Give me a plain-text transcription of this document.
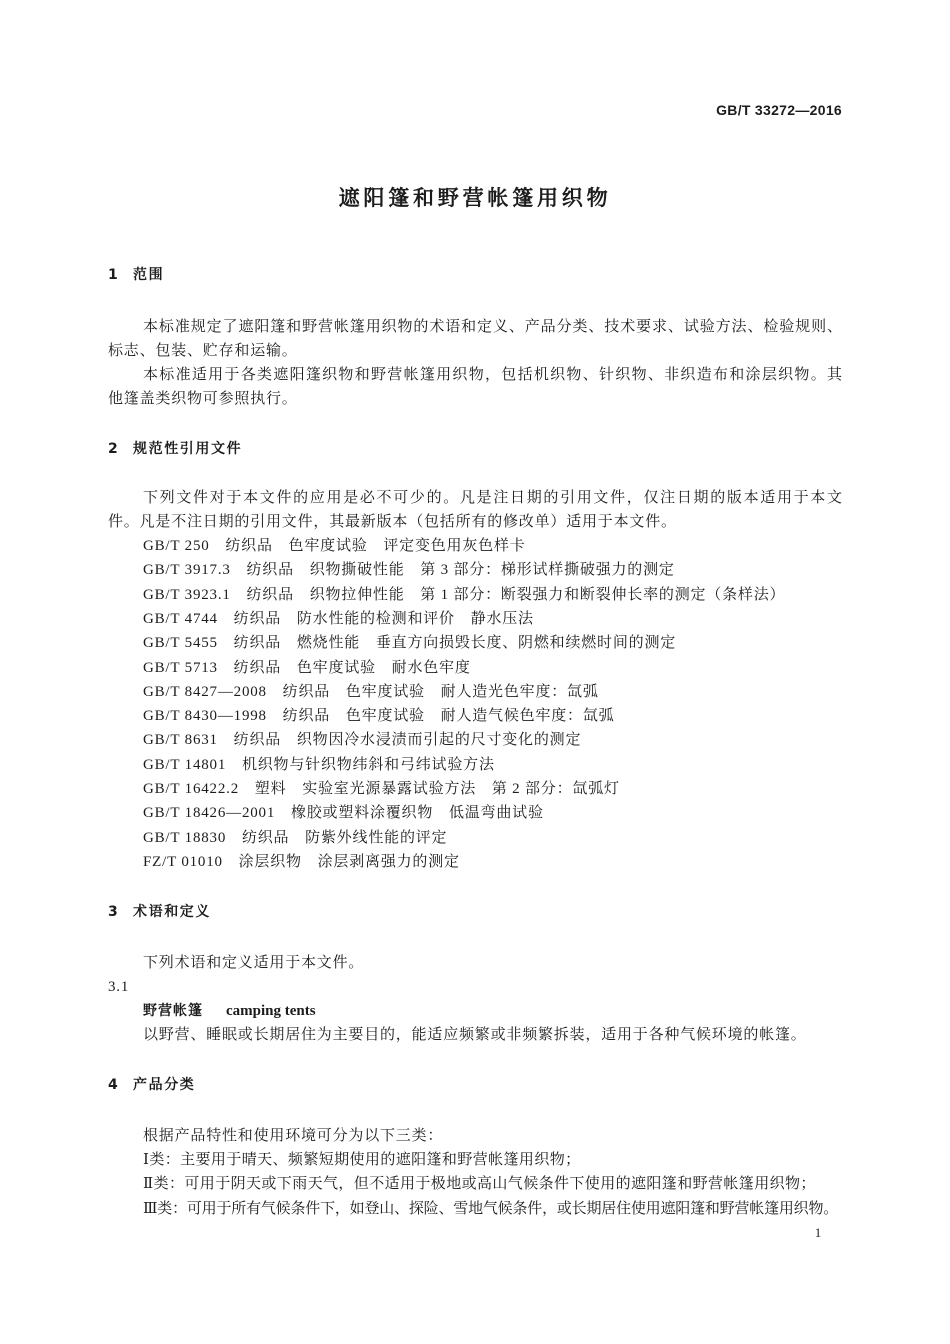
GB/T 33272—2016
遮阳篷和野营帐篷用织物
1 范围
本标准规定了遮阳篷和野营帐篷用织物的术语和定义、产品分类、技术要求、试验方法、检验规则、
标志、包装、贮存和运输。
本标准适用于各类遮阳篷织物和野营帐篷用织物，包括机织物、针织物、非织造布和涂层织物。其
他篷盖类织物可参照执行。
2 规范性引用文件
下列文件对于本文件的应用是必不可少的。凡是注日期的引用文件，仅注日期的版本适用于本文
件。凡是不注日期的引用文件，其最新版本（包括所有的修改单）适用于本文件。
GB/T 250　纺织品　色牢度试验　评定变色用灰色样卡
GB/T 3917.3　纺织品　织物撕破性能　第 3 部分：梯形试样撕破强力的测定
GB/T 3923.1　纺织品　织物拉伸性能　第 1 部分：断裂强力和断裂伸长率的测定（条样法）
GB/T 4744　纺织品　防水性能的检测和评价　静水压法
GB/T 5455　纺织品　燃烧性能　垂直方向损毁长度、阴燃和续燃时间的测定
GB/T 5713　纺织品　色牢度试验　耐水色牢度
GB/T 8427—2008　纺织品　色牢度试验　耐人造光色牢度：氙弧
GB/T 8430—1998　纺织品　色牢度试验　耐人造气候色牢度：氙弧
GB/T 8631　纺织品　织物因冷水浸渍而引起的尺寸变化的测定
GB/T 14801　机织物与针织物纬斜和弓纬试验方法
GB/T 16422.2　塑料　实验室光源暴露试验方法　第 2 部分：氙弧灯
GB/T 18426—2001　橡胶或塑料涂覆织物　低温弯曲试验
GB/T 18830　纺织品　防紫外线性能的评定
FZ/T 01010　涂层织物　涂层剥离强力的测定
3 术语和定义
下列术语和定义适用于本文件。
3.1
野营帐篷 camping tents
以野营、睡眠或长期居住为主要目的，能适应频繁或非频繁拆装，适用于各种气候环境的帐篷。
4 产品分类
根据产品特性和使用环境可分为以下三类：
Ⅰ类：主要用于晴天、频繁短期使用的遮阳篷和野营帐篷用织物；
Ⅱ类：可用于阴天或下雨天气，但不适用于极地或高山气候条件下使用的遮阳篷和野营帐篷用织物；
Ⅲ类：可用于所有气候条件下，如登山、探险、雪地气候条件，或长期居住使用遮阳篷和野营帐篷用织物。
1
